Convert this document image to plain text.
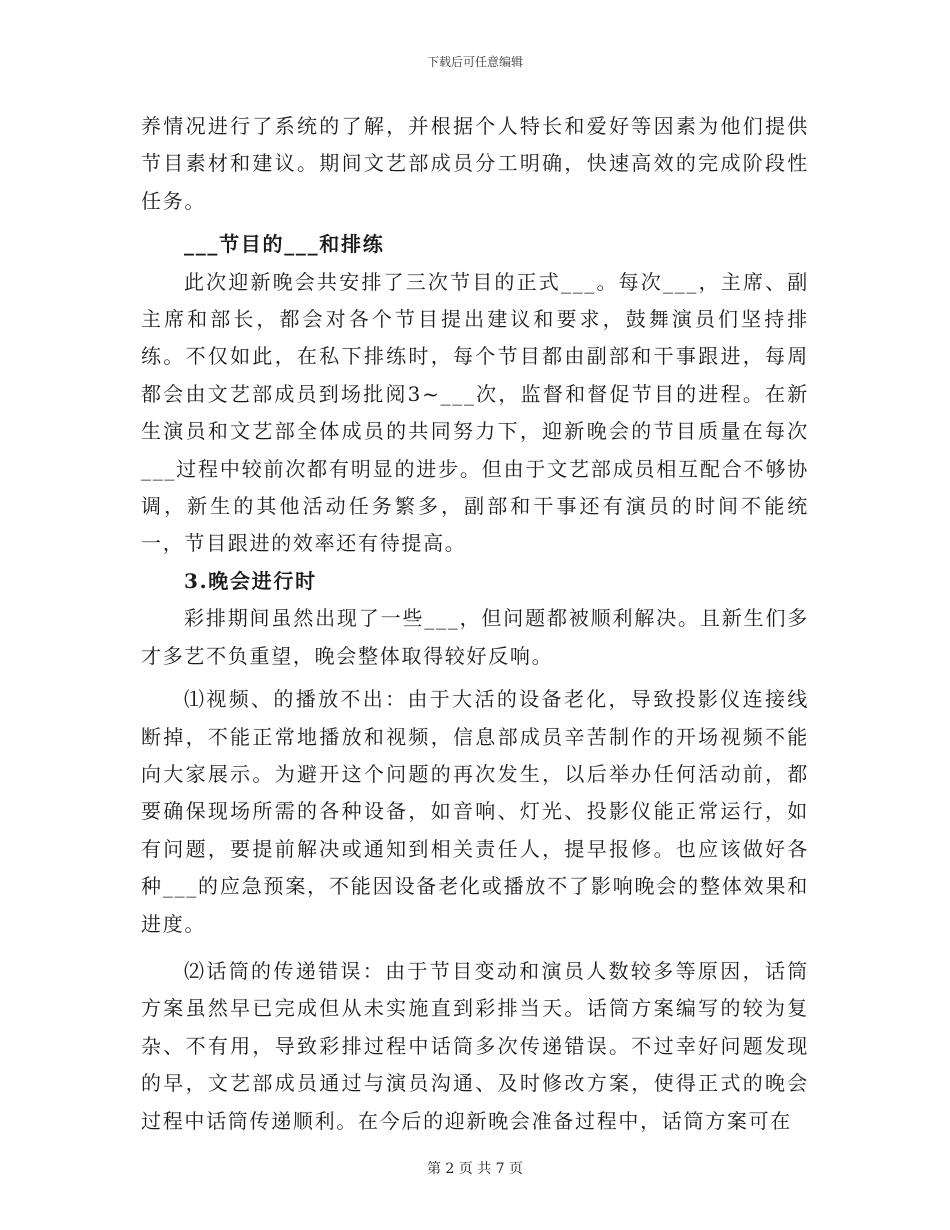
下载后可任意编辑

养情况进行了系统的了解，并根据个人特长和爱好等因素为他们提供节目素材和建议。期间文艺部成员分工明确，快速高效的完成阶段性任务。

___节目的___和排练

此次迎新晚会共安排了三次节目的正式___。每次___，主席、副主席和部长，都会对各个节目提出建议和要求，鼓舞演员们坚持排练。不仅如此，在私下排练时，每个节目都由副部和干事跟进，每周都会由文艺部成员到场批阅3~___次，监督和督促节目的进程。在新生演员和文艺部全体成员的共同努力下，迎新晚会的节目质量在每次___过程中较前次都有明显的进步。但由于文艺部成员相互配合不够协调，新生的其他活动任务繁多，副部和干事还有演员的时间不能统一，节目跟进的效率还有待提高。

3.晚会进行时

彩排期间虽然出现了一些___，但问题都被顺利解决。且新生们多才多艺不负重望，晚会整体取得较好反响。

⑴视频、的播放不出：由于大活的设备老化，导致投影仪连接线断掉，不能正常地播放和视频，信息部成员辛苦制作的开场视频不能向大家展示。为避开这个问题的再次发生，以后举办任何活动前，都要确保现场所需的各种设备，如音响、灯光、投影仪能正常运行，如有问题，要提前解决或通知到相关责任人，提早报修。也应该做好各种___的应急预案，不能因设备老化或播放不了影响晚会的整体效果和进度。

⑵话筒的传递错误：由于节目变动和演员人数较多等原因，话筒方案虽然早已完成但从未实施直到彩排当天。话筒方案编写的较为复杂、不有用，导致彩排过程中话筒多次传递错误。不过幸好问题发现的早，文艺部成员通过与演员沟通、及时修改方案，使得正式的晚会过程中话筒传递顺利。在今后的迎新晚会准备过程中，话筒方案可在

第 2 页 共 7 页
